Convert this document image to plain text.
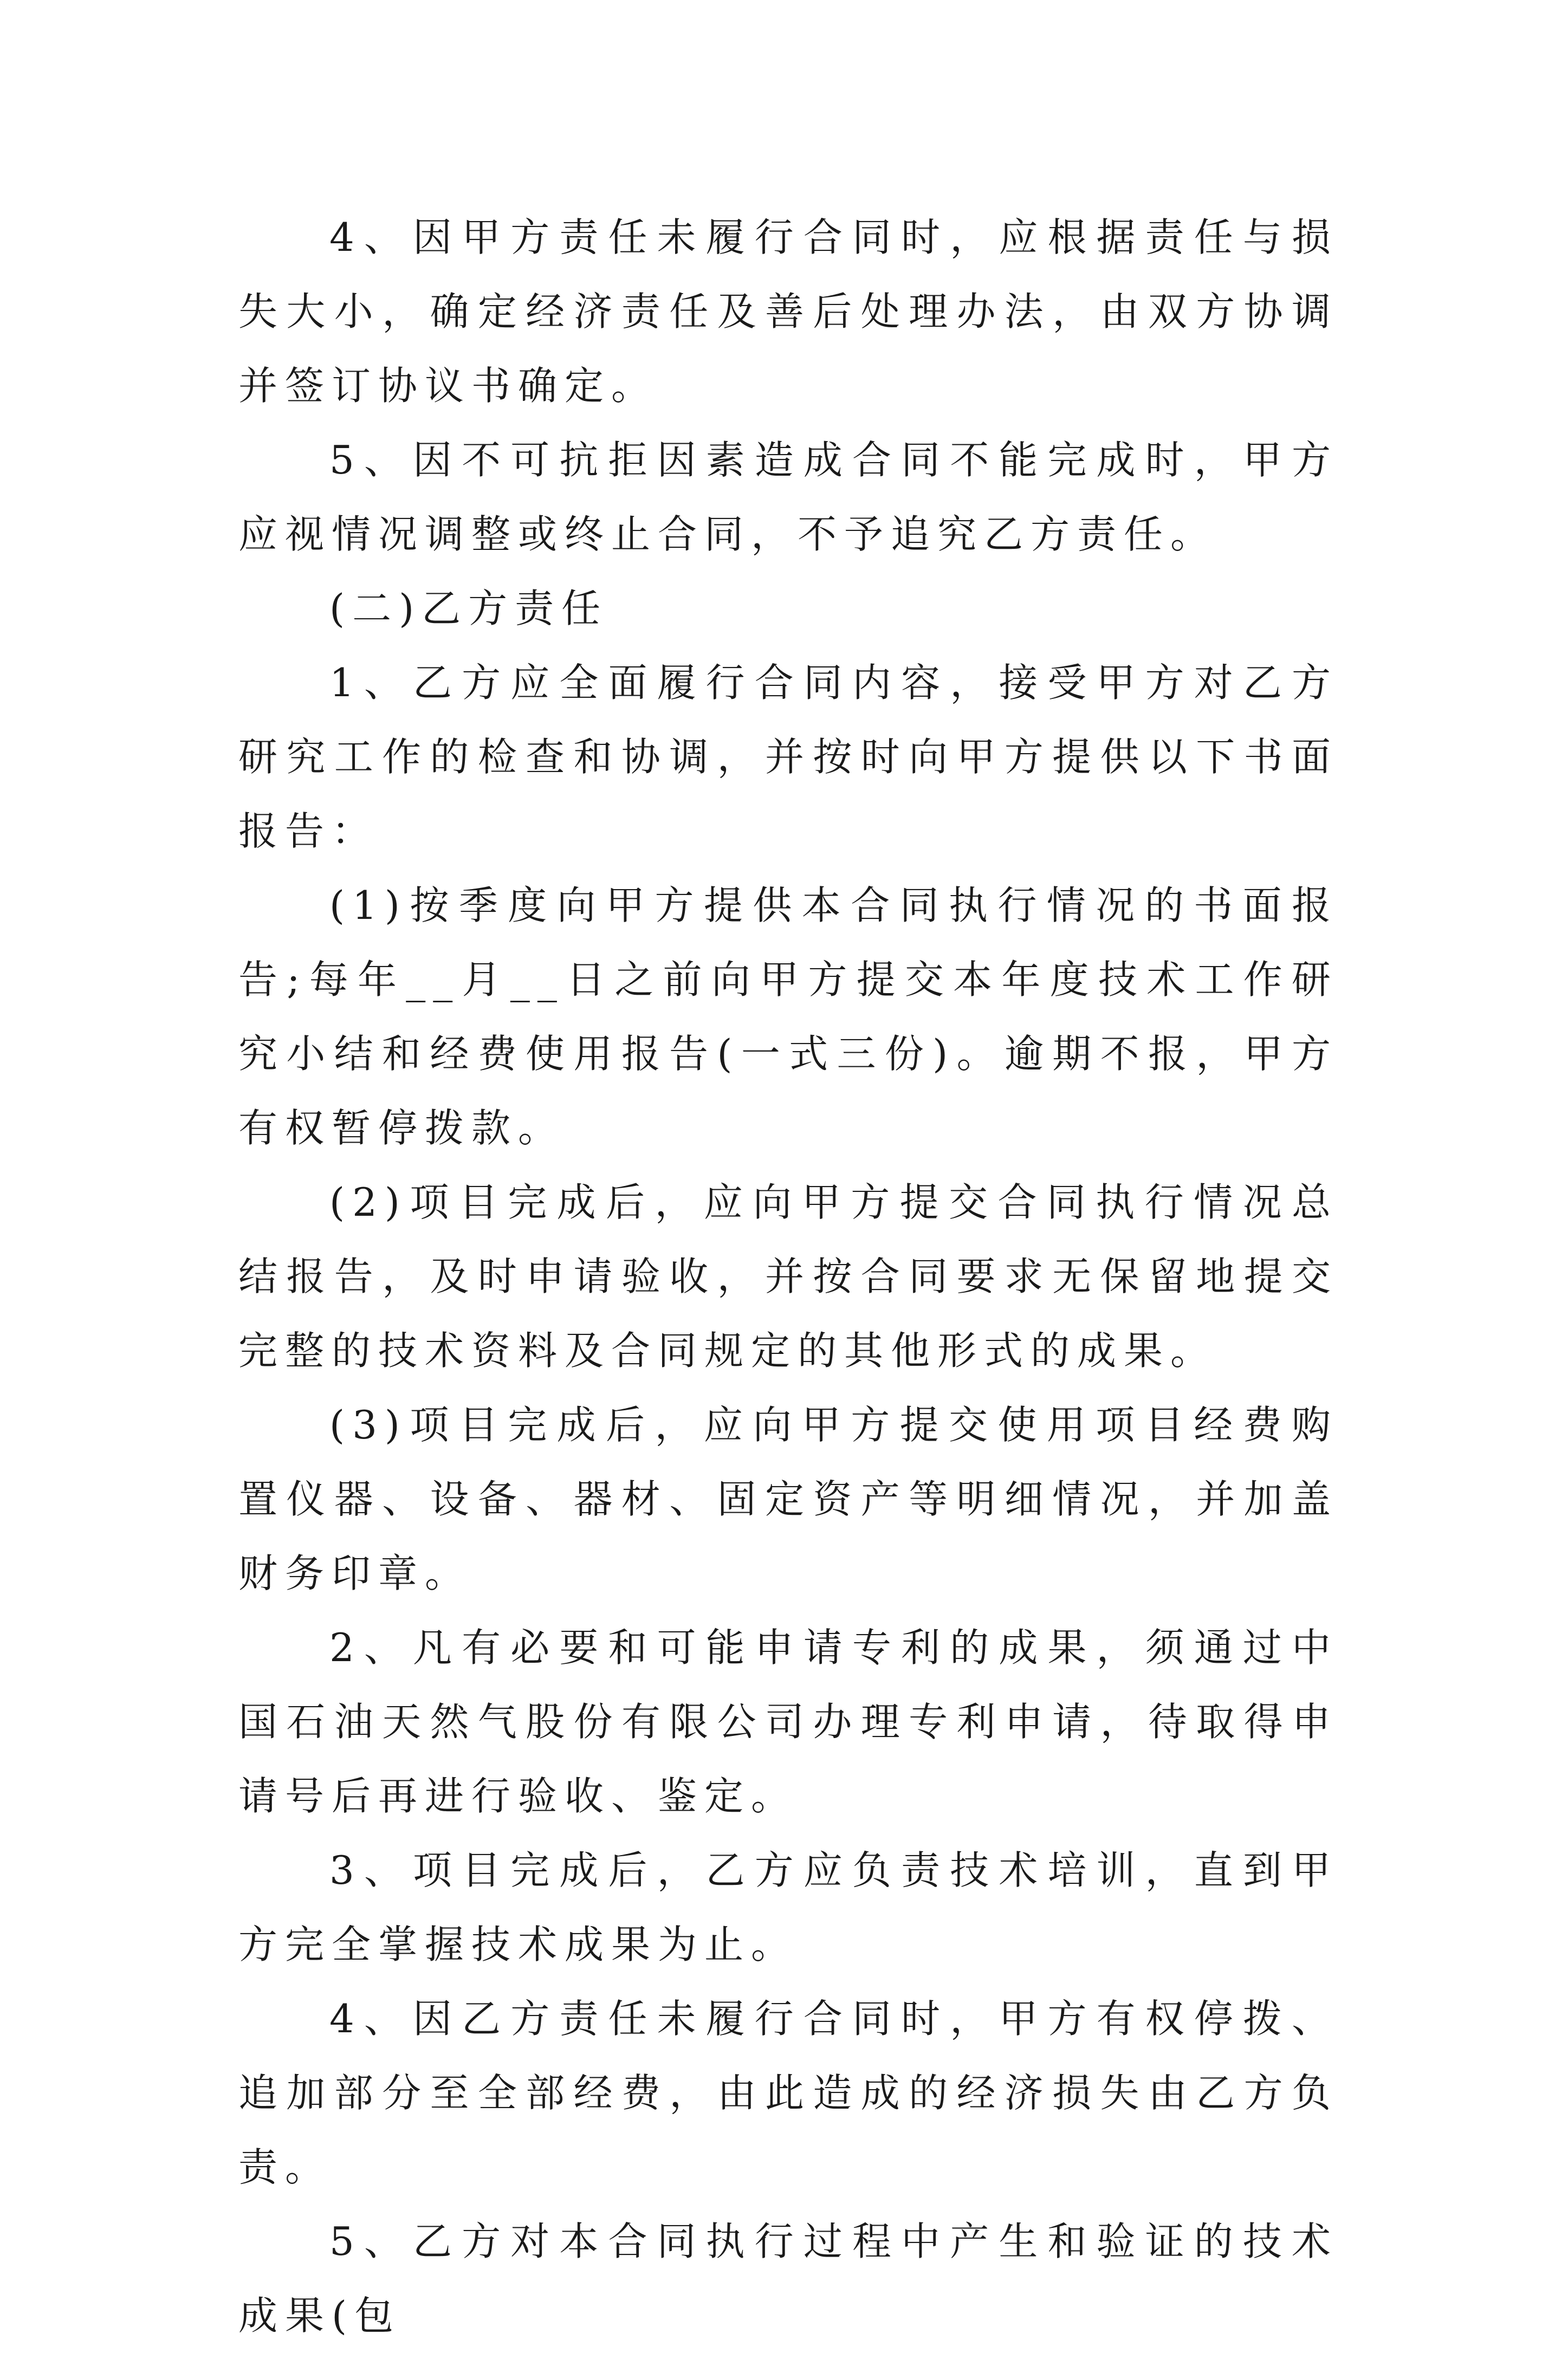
4、因甲方责任未履行合同时，应根据责任与损失大小，确定经济责任及善后处理办法，由双方协调并签订协议书确定。

5、因不可抗拒因素造成合同不能完成时，甲方应视情况调整或终止合同，不予追究乙方责任。

(二)乙方责任

1、乙方应全面履行合同内容，接受甲方对乙方研究工作的检查和协调，并按时向甲方提供以下书面报告：

(1)按季度向甲方提供本合同执行情况的书面报告;每年__月__日之前向甲方提交本年度技术工作研究小结和经费使用报告(一式三份)。逾期不报，甲方有权暂停拨款。

(2)项目完成后，应向甲方提交合同执行情况总结报告，及时申请验收，并按合同要求无保留地提交完整的技术资料及合同规定的其他形式的成果。

(3)项目完成后，应向甲方提交使用项目经费购置仪器、设备、器材、固定资产等明细情况，并加盖财务印章。

2、凡有必要和可能申请专利的成果，须通过中国石油天然气股份有限公司办理专利申请，待取得申请号后再进行验收、鉴定。

3、项目完成后，乙方应负责技术培训，直到甲方完全掌握技术成果为止。

4、因乙方责任未履行合同时，甲方有权停拨、追加部分至全部经费，由此造成的经济损失由乙方负责。

5、乙方对本合同执行过程中产生和验证的技术成果(包
